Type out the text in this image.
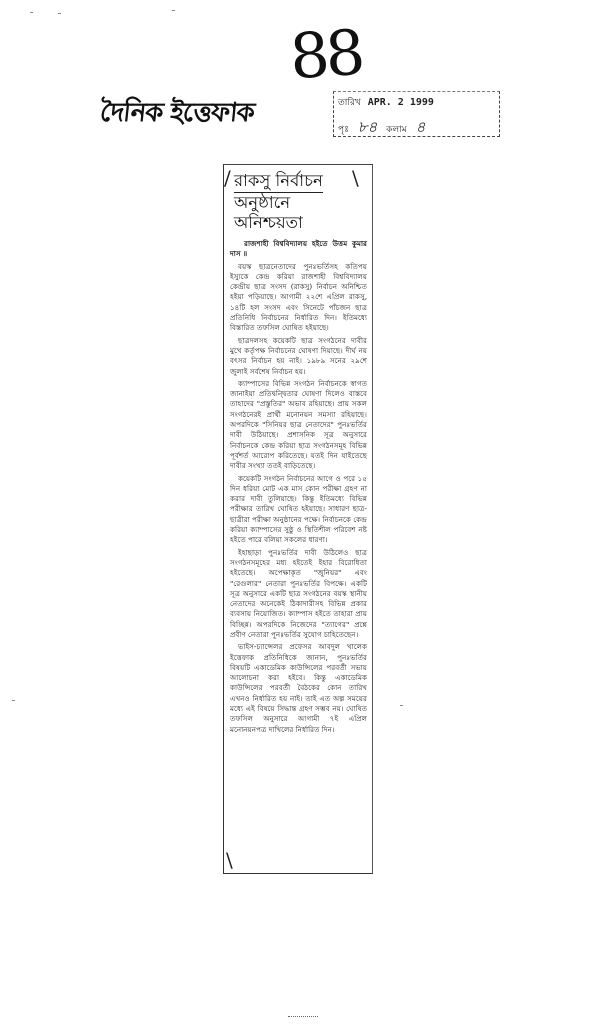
88
দৈনিক ইত্তেফাক	তারিখ APR. 2 1999
পৃঃ ৮৪ কলাম ৪
রাকসু নির্বাচন
অনুষ্ঠানে
অনিশ্চয়তা

রাজশাহী বিশ্ববিদ্যালয় হইতে উত্তম কুমার দাস ॥

বয়স্ক ছাত্রনেতাদের পুনঃভর্তিসহ কতিপয় ইস্যুকে কেন্দ্র করিয়া রাজশাহী বিশ্ববিদ্যালয় কেন্দ্রীয় ছাত্র সংসদ (রাকসু) নির্বাচন অনিশ্চিত হইয়া পড়িয়াছে। আগামী ২২শে এপ্রিল রাকসু, ১৪টি হল সংসদ এবং সিনেটে পাঁচজন ছাত্র প্রতিনিধি নির্বাচনের নির্ধারিত দিন। ইতিমধ্যে বিস্তারিত তফসিল ঘোষিত হইয়াছে।

ছাত্রদলসহ কয়েকটি ছাত্র সংগঠনের দাবীর মুখে কর্তৃপক্ষ নির্বাচনের ঘোষণা দিয়াছে। দীর্ঘ নয় বৎসর নির্বাচন হয় নাই। ১৯৮৯ সনের ২৯শে জুলাই সর্বশেষ নির্বাচন হয়।

ক্যাম্পাসের বিভিন্ন সংগঠন নির্বাচনকে স্বাগত জানাইয়া প্রতিদ্বন্দ্বিতার ঘোষণা দিলেও বাস্তবে তাহাদের "প্রস্তুতির" অভাব রহিয়াছে। প্রায় সকল সংগঠনেরই প্রার্থী মনোনয়ন সমস্যা রহিয়াছে। অপরদিকে "সিনিয়র ছাত্র নেতাদের" পুনঃভর্তির দাবী উঠিয়াছে। প্রশাসনিক সূত্র অনুসারে নির্বাচনকে কেন্দ্র করিয়া ছাত্র সংগঠনসমূহ বিভিন্ন পূর্বশর্ত আরোপ করিতেছে। যতই দিন যাইতেছে দাবীর সংখ্যা ততই বাড়িতেছে।

কয়েকটি সংগঠন নির্বাচনের আগে ও পরে ১৫ দিন ধরিয়া মোট এক মাস কোন পরীক্ষা গ্রহণ না করার দাবী তুলিয়াছে। কিন্তু ইতিমধ্যে বিভিন্ন পরীক্ষার তারিখ ঘোষিত হইয়াছে। সাধারণ ছাত্র-ছাত্রীরা পরীক্ষা অনুষ্ঠানের পক্ষে। নির্বাচনকে কেন্দ্র করিয়া ক্যাম্পাসের সুষ্ঠু ও স্থিতিশীল পরিবেশ নষ্ট হইতে পারে বলিয়া সকলের ধারণা।

ইহাছাড়া পুনঃভর্তির দাবী উঠিলেও ছাত্র সংগঠনসমূহের মধ্য হইতেই ইহার বিরোধিতা হইতেছে। অপেক্ষাকৃত "জুনিয়র" এবং "রেগুলার" নেতারা পুনঃভর্তির বিপক্ষে। একটি সূত্র অনুসারে একটি ছাত্র সংগঠনের বয়স্ক স্থানীয় নেতাদের অনেকেই ঠিকাদারীসহ বিভিন্ন প্রকার ব্যবসায় নিয়োজিত। ক্যাম্পাস হইতে তাহারা প্রায় বিচ্ছিন্ন। অপরদিকে নিজেদের "ত্যাগের" প্রশ্নে প্রবীণ নেতারা পুনঃভর্তির সুযোগ চাহিতেছেন।

ভাইস-চ্যান্সেলর প্রফেসর আবদুল খালেক ইত্তেফাক প্রতিনিধিকে জানান, পুনঃভর্তির বিষয়টি একাডেমিক কাউন্সিলের পরবর্তী সভায় আলোচনা করা হইবে। কিন্তু একাডেমিক কাউন্সিলের পরবর্তী বৈঠকের কোন তারিখ এখনও নির্ধারিত হয় নাই। তাই এত অল্প সময়ের মধ্যে এই বিষয়ে সিদ্ধান্ত গ্রহণ সম্ভব নয়। ঘোষিত তফসিল অনুসারে আগামী ৭ই এপ্রিল মনোনয়নপত্র দাখিলের নির্ধারিত দিন।

/	\
\
